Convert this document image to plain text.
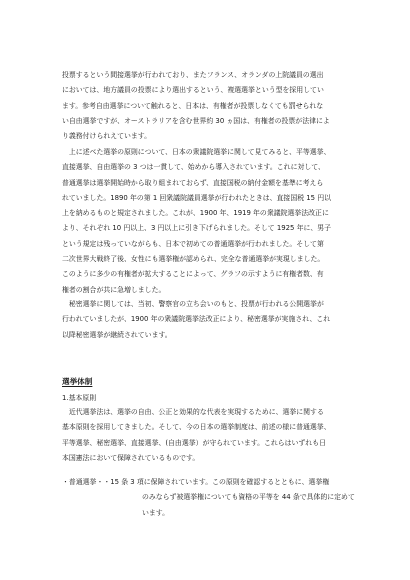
投票するという間接選挙が行われており、またフランス、オランダの上院議員の選出
においては、地方議員の投票により選出するという、複選選挙という型を採用してい
ます。参考自由選挙について触れると、日本は、有権者が投票しなくても罰せられな
い自由選挙ですが、オーストラリアを含む世界約 30 ヵ国は、有権者の投票が法律によ
り義務付けられえています。

　上に述べた選挙の原則について、日本の衆議院選挙に関して見てみると、平等選挙、
直接選挙、自由選挙の 3 つは一貫して、始めから導入されています。これに対して、
普通選挙は選挙開始時から取り組まれておらず、直接国税の納付金額を基準に考えら
れていました。1890 年の第 1 回衆議院議員選挙が行われたときは、直接国税 15 円以
上を納めるものと規定されました。これが、1900 年、1919 年の衆議院選挙法改正に
より、それぞれ 10 円以上、3 円以上に引き下げられました。そして 1925 年に、男子
という規定は残っていながらも、日本で初めての普通選挙が行われました。そして第
二次世界大戦終了後、女性にも選挙権が認められ、完全な普通選挙が実現しました。
このように多少の有権者が拡大することによって、グラフの示すように有権者数、有
権者の割合が共に急増しました。

　秘密選挙に関しては、当初、警察官の立ち会いのもと、投票が行われる公開選挙が
行われていましたが、1900 年の衆議院選挙法改正により、秘密選挙が実施され、これ
以降秘密選挙が継続されています。

選挙体制
1.基本原則

　近代選挙法は、選挙の自由、公正と効果的な代表を実現するために、選挙に関する
基本原則を採用してきました。そして、今の日本の選挙制度は、前述の様に普通選挙、
平等選挙、秘密選挙、直接選挙、(自由選挙）が守られています。これらはいずれも日
本国憲法において保障されているものです。

・普通選挙・・15 条 3 項に保障されています。この原則を確認するとともに、選挙権
のみならず被選挙権についても資格の平等を 44 条で具体的に定めて
います。
